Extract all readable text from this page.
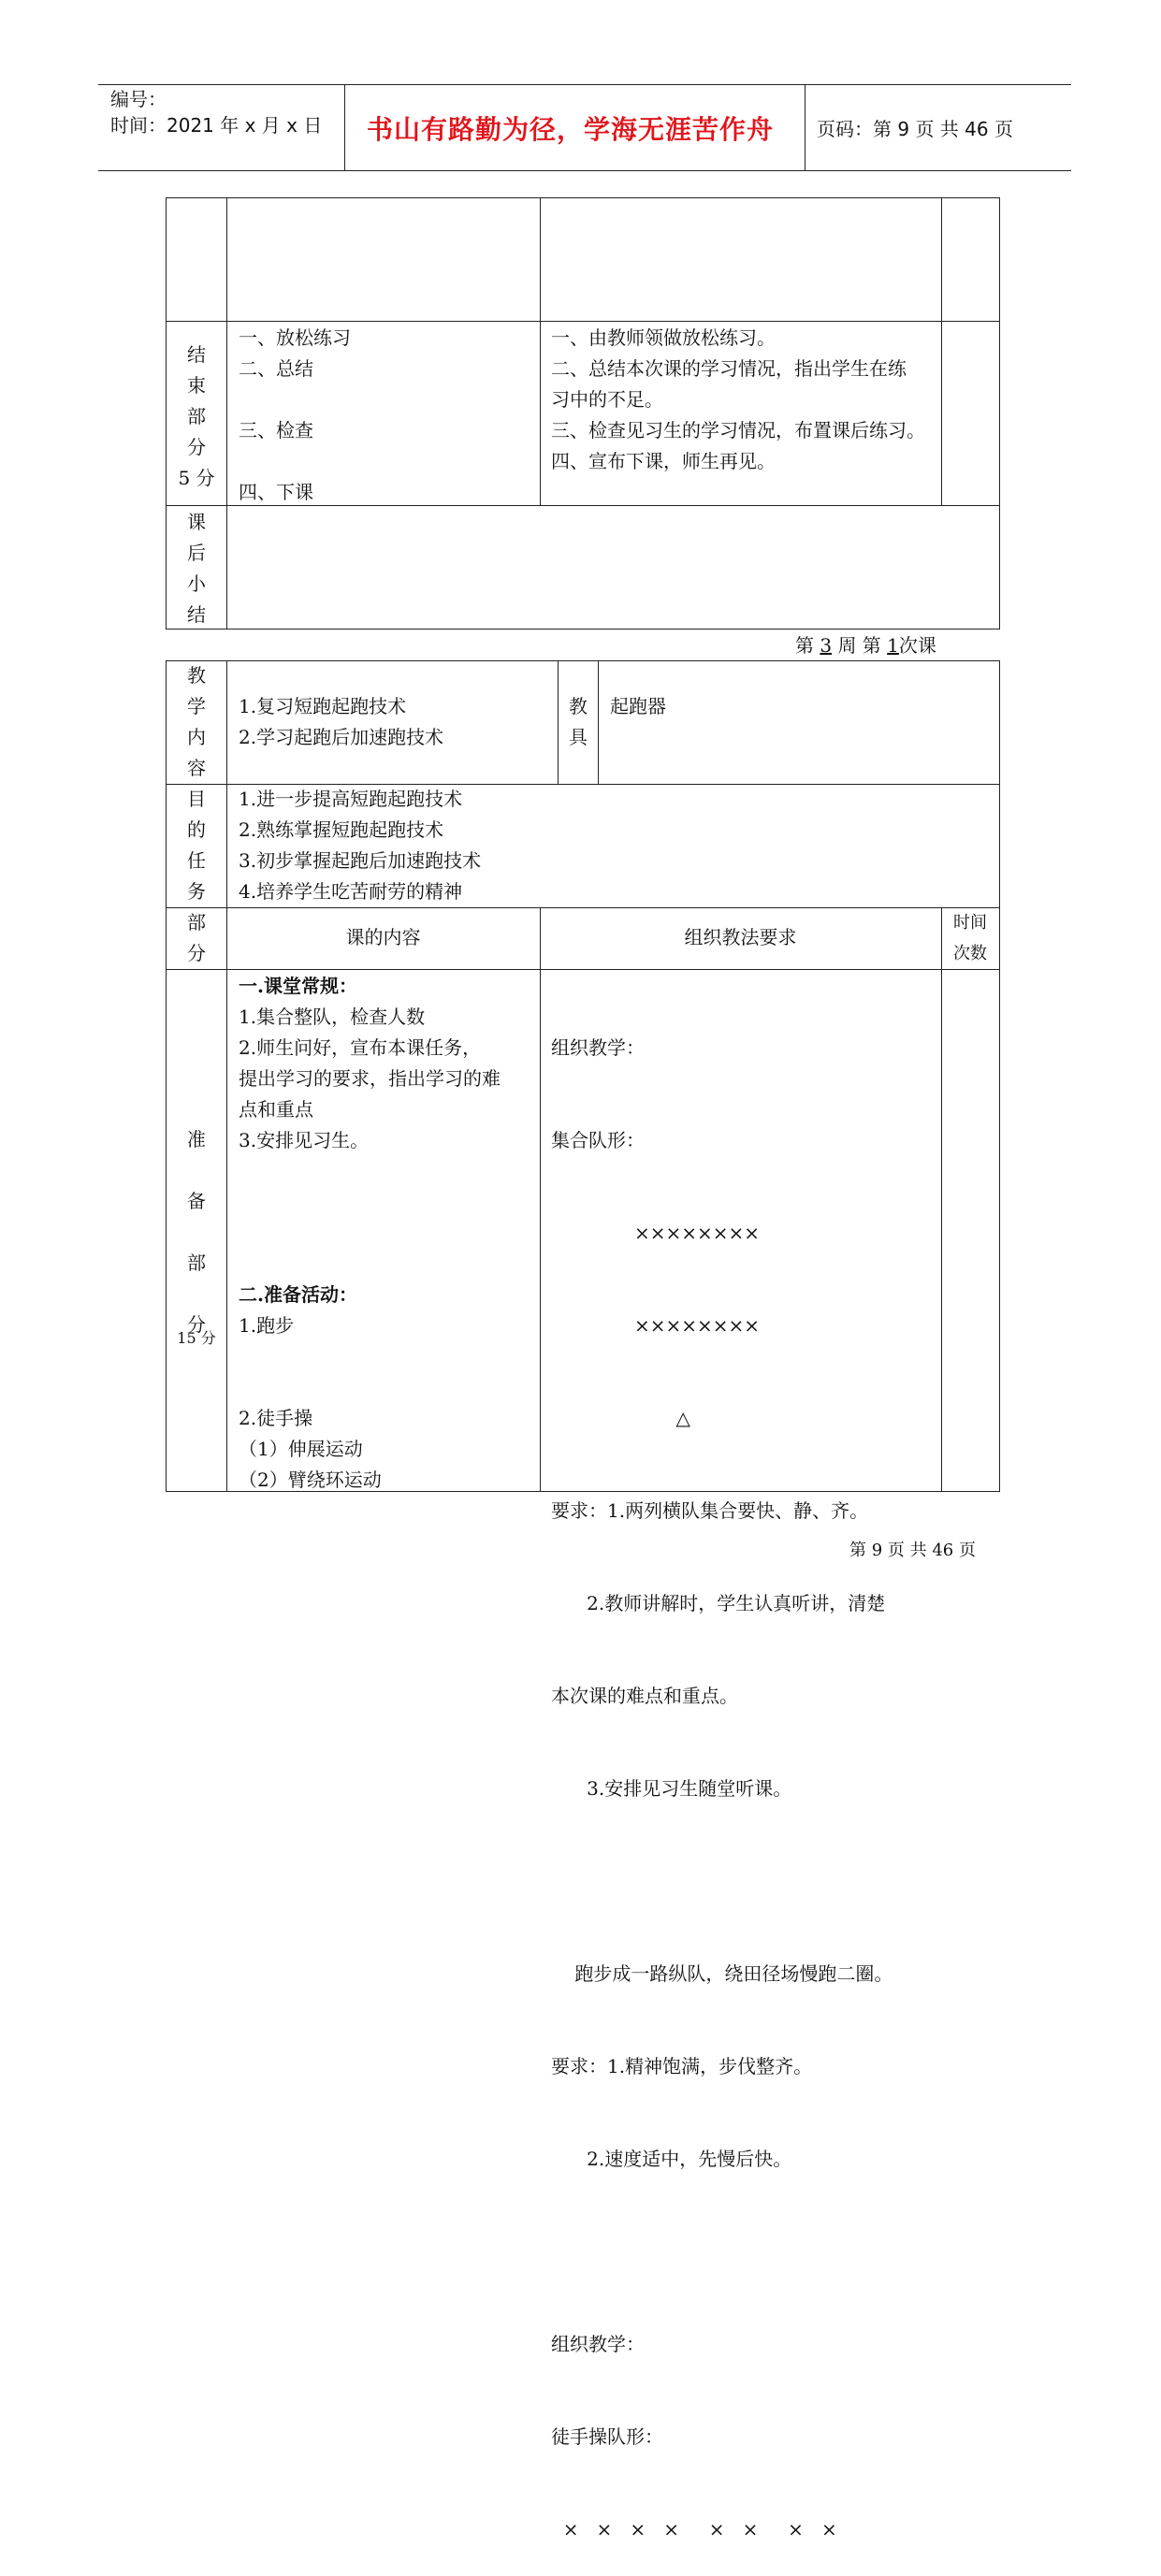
编号：
时间：2021 年 x 月 x 日 书山有路勤为径，学海无涯苦作舟 页码：第 9 页 共 46 页
结
束
部
分
5 分
一、放松练习
二、总结
三、检查
四、下课
一、由教师领做放松练习。
二、总结本次课的学习情况，指出学生在练
习中的不足。
三、检查见习生的学习情况，布置课后练习。
四、宣布下课，师生再见。
课
后
小
结
第 3 周 第 1次课
教
学
内
容
1.复习短跑起跑技术
2.学习起跑后加速跑技术
教
具
起跑器
目
的
任
务
1.进一步提高短跑起跑技术
2.熟练掌握短跑起跑技术
3.初步掌握起跑后加速跑技术
4.培养学生吃苦耐劳的精神
部
分
课的内容	组织教法要求
时间
次数
准
备
部
分
15 分
一.课堂常规：
1.集合整队，检查人数
2.师生问好，宣布本课任务，
提出学习的要求，指出学习的难
点和重点
3.安排见习生。
二.准备活动：
1.跑步
2.徒手操
（1）伸展运动
（2）臂绕环运动

组织教学：

集合队形：

××××××××

××××××××

△

要求：1.两列横队集合要快、静、齐。

2.教师讲解时，学生认真听讲，清楚

本次课的难点和重点。

3.安排见习生随堂听课。

跑步成一路纵队，绕田径场慢跑二圈。

要求：1.精神饱满，步伐整齐。

2.速度适中，先慢后快。

组织教学：

徒手操队形：

×   ×   ×   ×     ×   ×     ×   ×

第 9 页 共 46 页
